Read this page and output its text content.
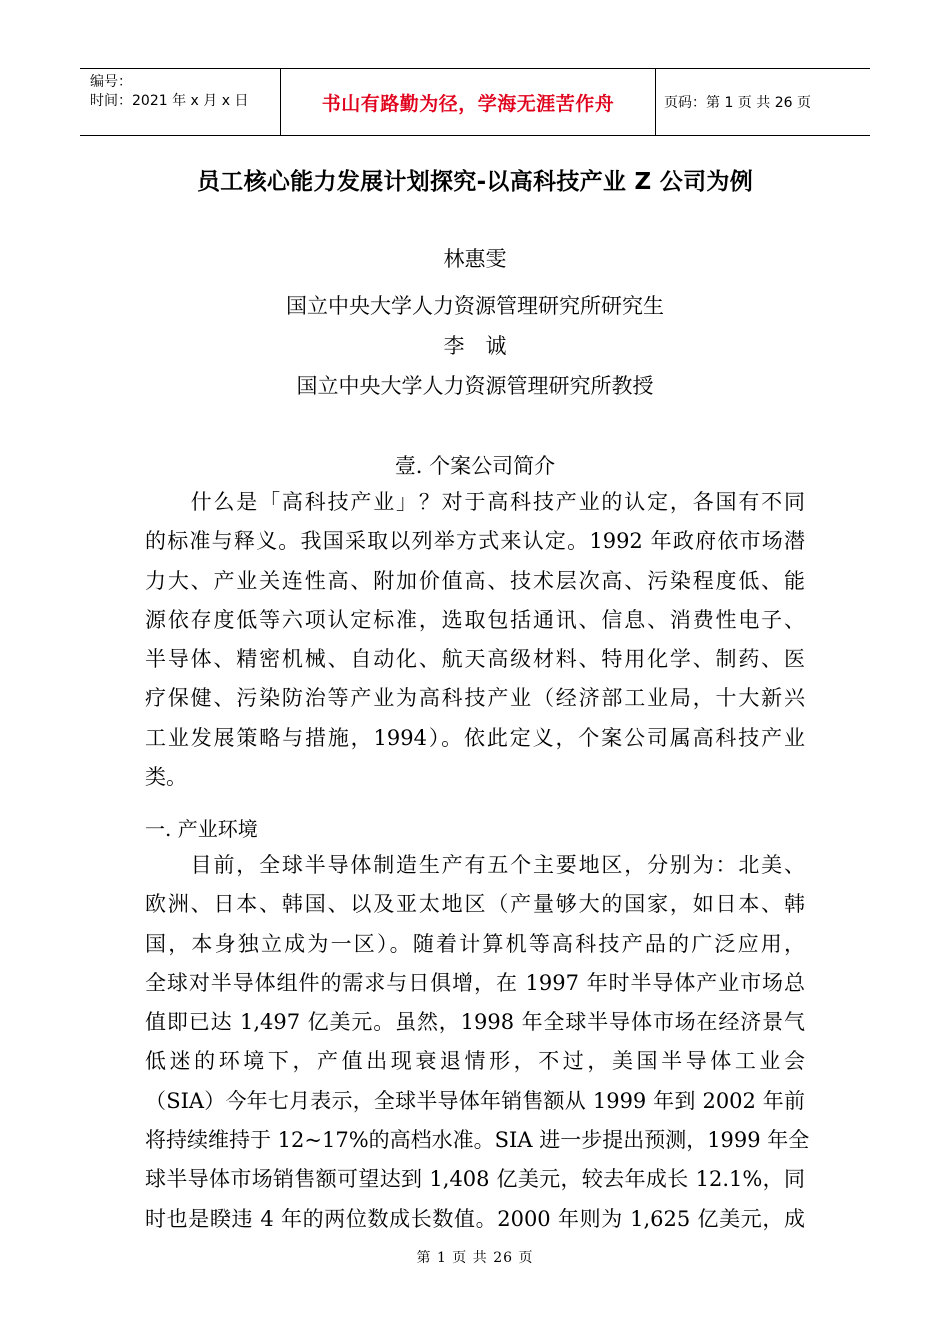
编号：
时间：2021 年 x 月 x 日	书山有路勤为径，学海无涯苦作舟	页码：第 1 页 共 26 页
员工核心能力发展计划探究-以高科技产业 Z 公司为例
林惠雯
国立中央大学人力资源管理研究所研究生
李　诚
国立中央大学人力资源管理研究所教授
壹. 个案公司简介
　　什么是「高科技产业」？对于高科技产业的认定，各国有不同
的标准与释义。我国采取以列举方式来认定。1992 年政府依市场潜
力大、产业关连性高、附加价值高、技术层次高、污染程度低、能
源依存度低等六项认定标准，选取包括通讯、信息、消费性电子、
半导体、精密机械、自动化、航天高级材料、特用化学、制药、医
疗保健、污染防治等产业为高科技产业（经济部工业局，十大新兴
工业发展策略与措施，1994）。依此定义，个案公司属高科技产业
类。
一. 产业环境
　　目前，全球半导体制造生产有五个主要地区，分别为：北美、
欧洲、日本、韩国、以及亚太地区（产量够大的国家，如日本、韩
国，本身独立成为一区）。随着计算机等高科技产品的广泛应用，
全球对半导体组件的需求与日俱增，在 1997 年时半导体产业市场总
值即已达 1,497 亿美元。虽然，1998 年全球半导体市场在经济景气
低迷的环境下，产值出现衰退情形，不过，美国半导体工业会
（SIA）今年七月表示，全球半导体年销售额从 1999 年到 2002 年前
将持续维持于 12~17%的高档水准。SIA 进一步提出预测，1999 年全
球半导体市场销售额可望达到 1,408 亿美元，较去年成长 12.1%，同
时也是睽违 4 年的两位数成长数值。2000 年则为 1,625 亿美元，成
第 1 页 共 26 页
